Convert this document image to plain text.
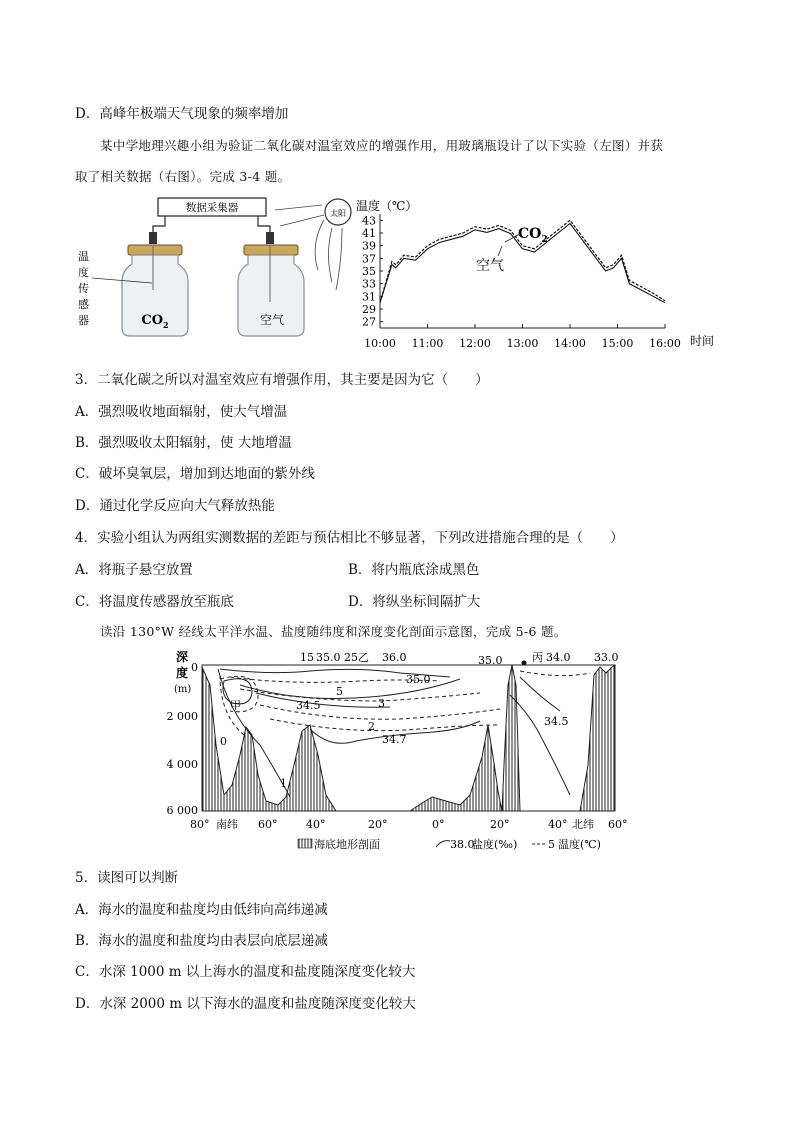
D．高峰年极端天气现象的频率增加
某中学地理兴趣小组为验证二氧化碳对温室效应的增强作用，用玻璃瓶设计了以下实验（左图）并获
取了相关数据（右图）。完成 3-4 题。
数据采集器
$CO_2$	空气
温 度 传 感 器
太阳
温度（℃）
43
41
39
37
35
33
31
29
27
10:00 11:00 12:00 13:00 14:00 15:00 16:00 时间
$CO_2$
空气
3．二氧化碳之所以对温室效应有增强作用，其主要是因为它（　　）
A．强烈吸收地面辐射，使大气增温
B．强烈吸收太阳辐射，使 大地增温
C．破坏臭氧层，增加到达地面的紫外线
D．通过化学反应向大气释放热能
4．实验小组认为两组实测数据的差距与预估相比不够显著，下列改进措施合理的是（　　）
A．将瓶子悬空放置	B．将内瓶底涂成黑色
C．将温度传感器放至瓶底	D．将纵坐标间隔扩大
读沿 130°W 经线太平洋水温、盐度随纬度和深度变化剖面示意图，完成 5-6 题。
深
度
(m)
0
2 000
4 000
6 000
15 35.0 25 乙 36.0	35.0	丙 34.0 33.0
35.0
5
34.5	3
2
34.7
甲
0
1
34.5
80° 南纬 60°	40°	20°	0°	20°	40° 北纬 60°
海底地形剖面	38.0
盐度(‰)	5 温度(℃)
5．读图可以判断
A．海水的温度和盐度均由低纬向高纬递减
B．海水的温度和盐度均由表层向底层递减
C．水深 1000 m 以上海水的温度和盐度随深度变化较大
D．水深 2000 m 以下海水的温度和盐度随深度变化较大
